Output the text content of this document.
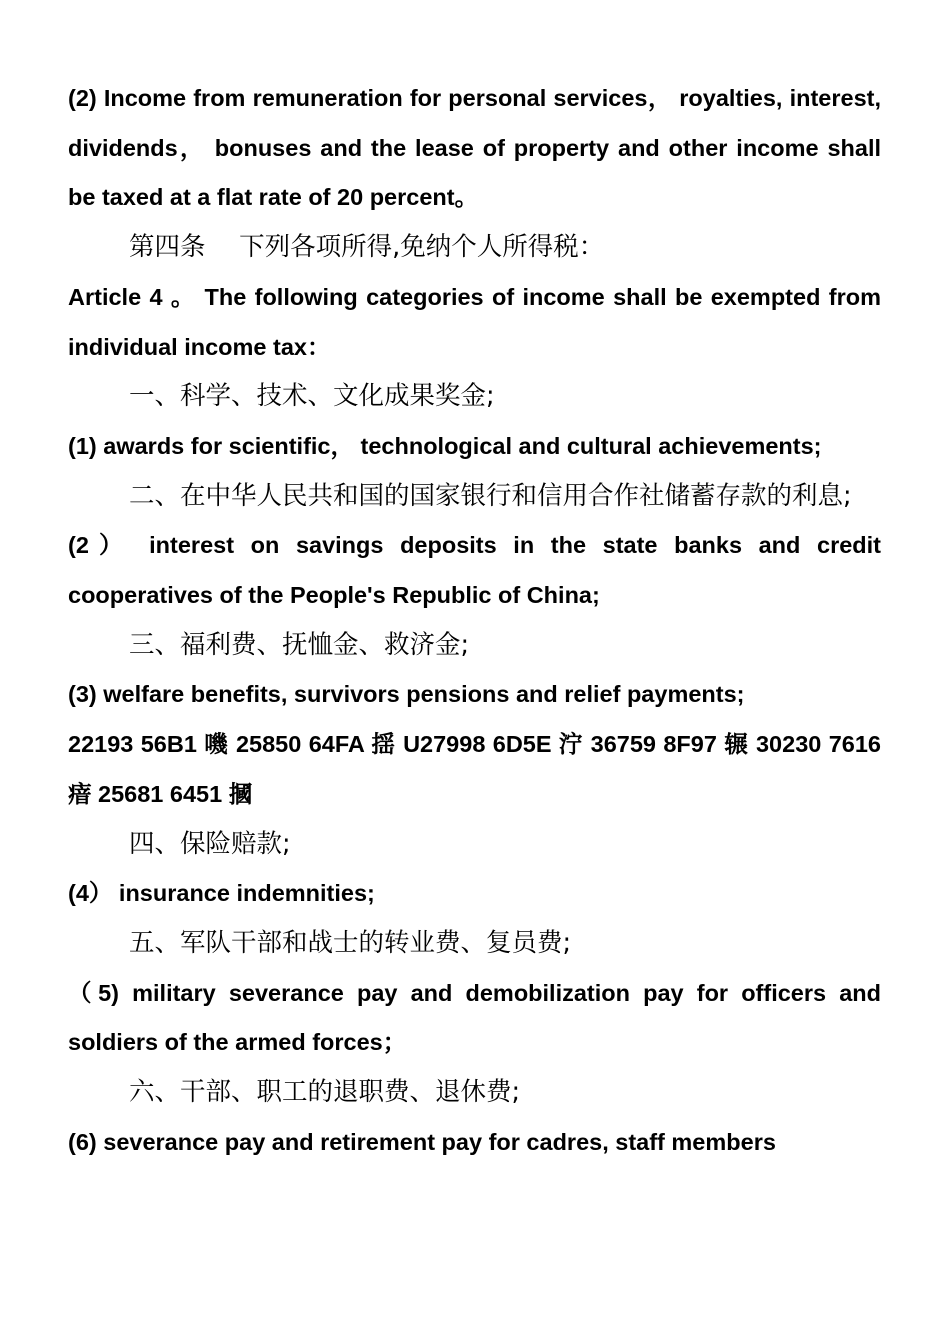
(2) Income from remuneration for personal services， royalties, interest, dividends， bonuses and the lease of property and other income shall be taxed at a flat rate of 20 percent。

第四条　 下列各项所得,免纳个人所得税：

Article 4 。 The following categories of income shall be exempted from individual income tax：

一、科学、技术、文化成果奖金;

(1) awards for scientific， technological and cultural achievements;

二、在中华人民共和国的国家银行和信用合作社储蓄存款的利息;

(2） interest on savings deposits in the state banks and credit cooperatives of the People's Republic of China;

三、福利费、抚恤金、救济金;

(3) welfare benefits, survivors pensions and relief payments;

22193 56B1 嘰 25850 64FA 揺 U27998 6D5E 泞 36759 8F97 辗 30230 7616 瘖 25681 6451 摑

四、保险赔款;

(4） insurance indemnities;

五、军队干部和战士的转业费、复员费;

（5) military severance pay and demobilization pay for officers and soldiers of the armed forces；

六、干部、职工的退职费、退休费;

(6) severance pay and retirement pay for cadres, staff members
